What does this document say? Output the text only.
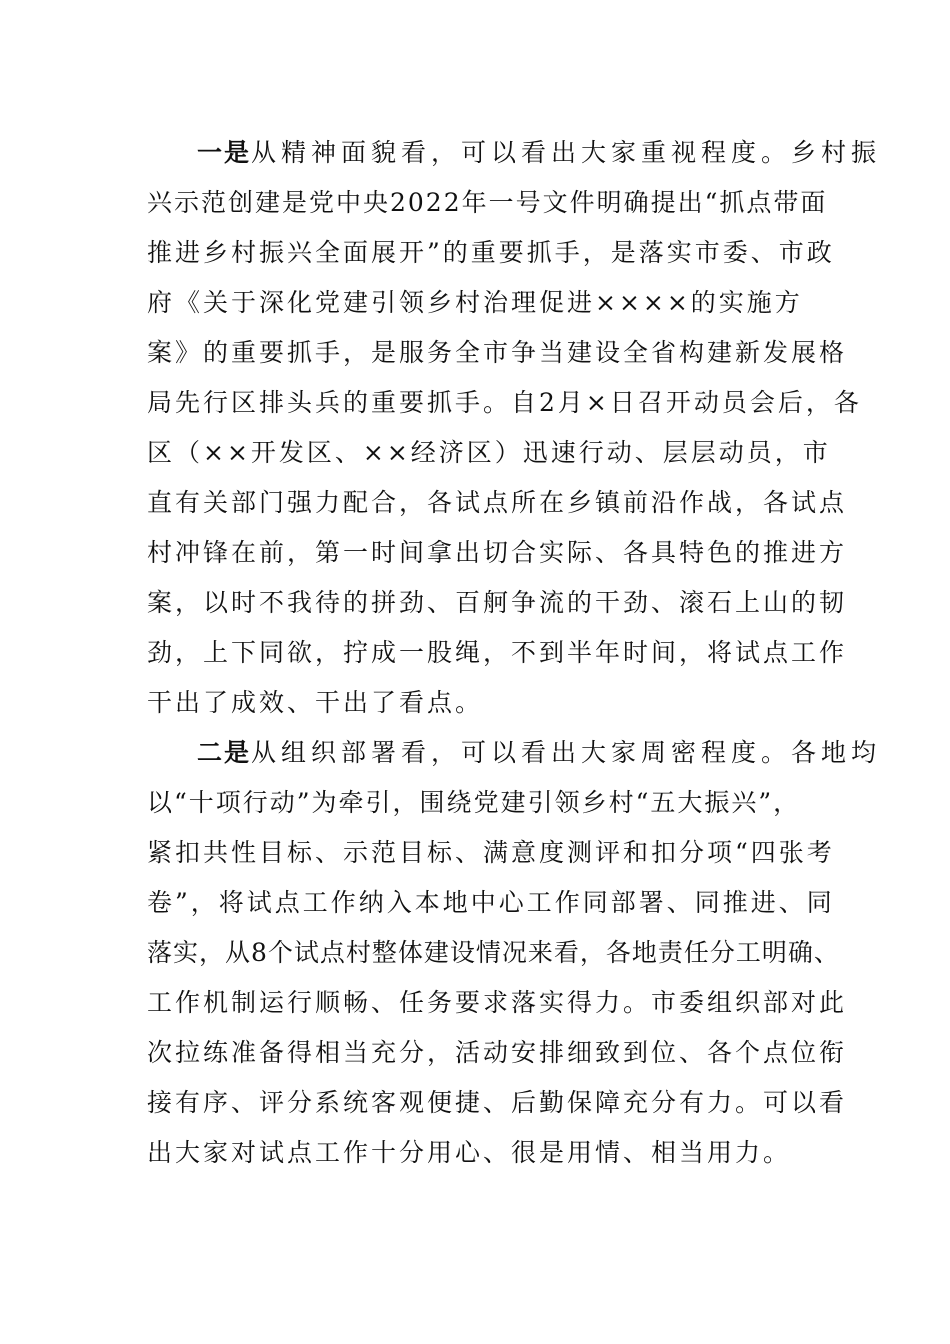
一是从精神面貌看，可以看出大家重视程度。乡村振
兴示范创建是党中央2022年一号文件明确提出“抓点带面
推进乡村振兴全面展开”的重要抓手，是落实市委、市政
府《关于深化党建引领乡村治理促进××××的实施方
案》的重要抓手，是服务全市争当建设全省构建新发展格
局先行区排头兵的重要抓手。自2月×日召开动员会后，各
区（××开发区、××经济区）迅速行动、层层动员，市
直有关部门强力配合，各试点所在乡镇前沿作战，各试点
村冲锋在前，第一时间拿出切合实际、各具特色的推进方
案，以时不我待的拼劲、百舸争流的干劲、滚石上山的韧
劲，上下同欲，拧成一股绳，不到半年时间，将试点工作
干出了成效、干出了看点。
二是从组织部署看，可以看出大家周密程度。各地均
以“十项行动”为牵引，围绕党建引领乡村“五大振兴”，
紧扣共性目标、示范目标、满意度测评和扣分项“四张考
卷”，将试点工作纳入本地中心工作同部署、同推进、同
落实，从8个试点村整体建设情况来看，各地责任分工明确、
工作机制运行顺畅、任务要求落实得力。市委组织部对此
次拉练准备得相当充分，活动安排细致到位、各个点位衔
接有序、评分系统客观便捷、后勤保障充分有力。可以看
出大家对试点工作十分用心、很是用情、相当用力。
